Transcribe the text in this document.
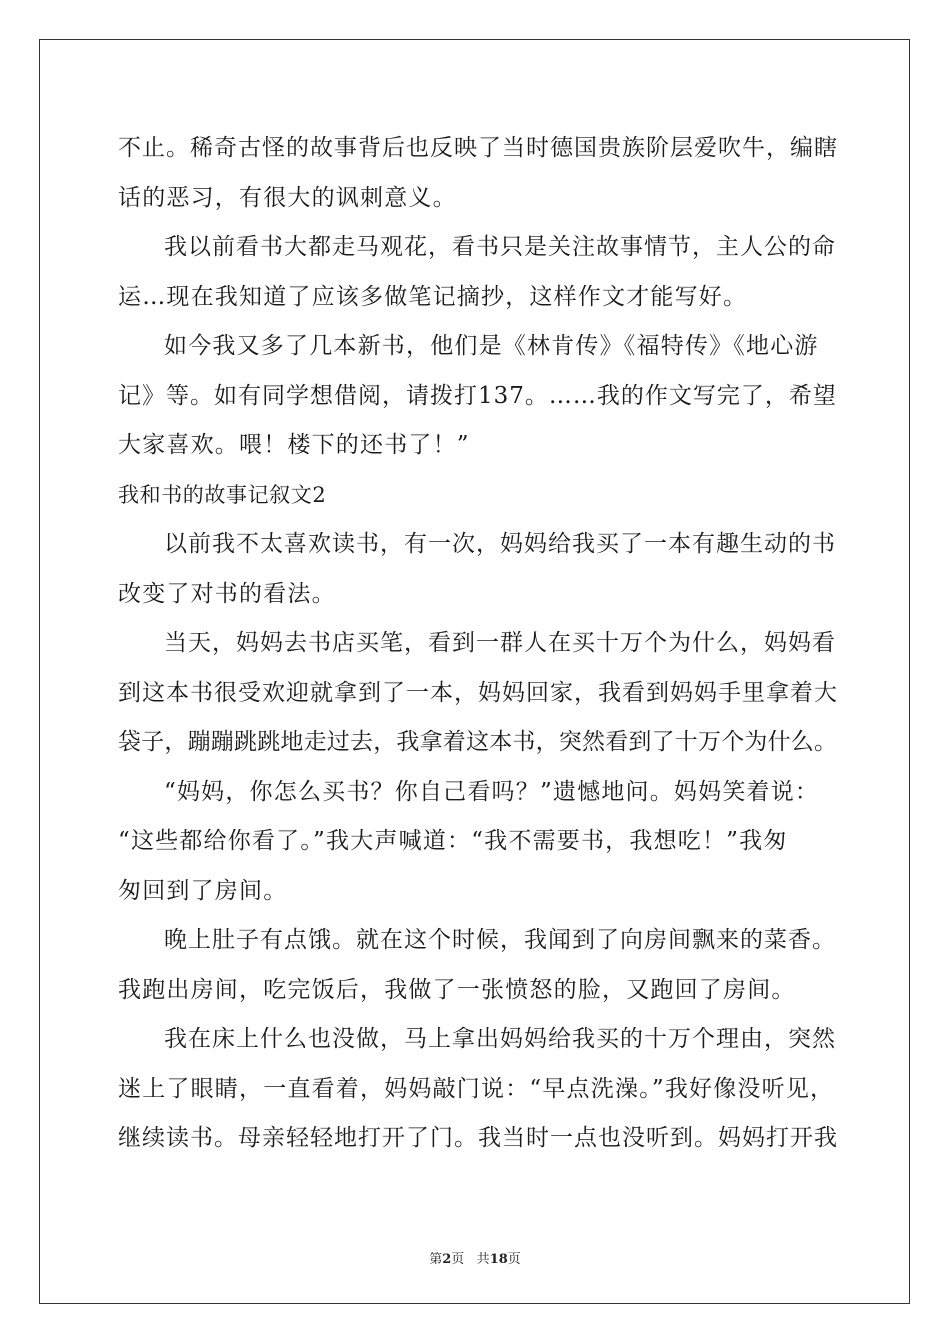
不止。稀奇古怪的故事背后也反映了当时德国贵族阶层爱吹牛，编瞎
话的恶习，有很大的讽刺意义。
我以前看书大都走马观花，看书只是关注故事情节，主人公的命
运…现在我知道了应该多做笔记摘抄，这样作文才能写好。
如今我又多了几本新书，他们是《林肯传》《福特传》《地心游
记》等。如有同学想借阅，请拨打137。……我的作文写完了，希望
大家喜欢。喂！楼下的还书了！”
我和书的故事记叙文2
以前我不太喜欢读书，有一次，妈妈给我买了一本有趣生动的书
改变了对书的看法。
当天，妈妈去书店买笔，看到一群人在买十万个为什么，妈妈看
到这本书很受欢迎就拿到了一本，妈妈回家，我看到妈妈手里拿着大
袋子，蹦蹦跳跳地走过去，我拿着这本书，突然看到了十万个为什么。
“妈妈，你怎么买书？你自己看吗？”遗憾地问。妈妈笑着说：
“这些都给你看了。”我大声喊道：“我不需要书，我想吃！”我匆
匆回到了房间。
晚上肚子有点饿。就在这个时候，我闻到了向房间飘来的菜香。
我跑出房间，吃完饭后，我做了一张愤怒的脸，又跑回了房间。
我在床上什么也没做，马上拿出妈妈给我买的十万个理由，突然
迷上了眼睛，一直看着，妈妈敲门说：“早点洗澡。”我好像没听见，
继续读书。母亲轻轻地打开了门。我当时一点也没听到。妈妈打开我
第2页 共18页
